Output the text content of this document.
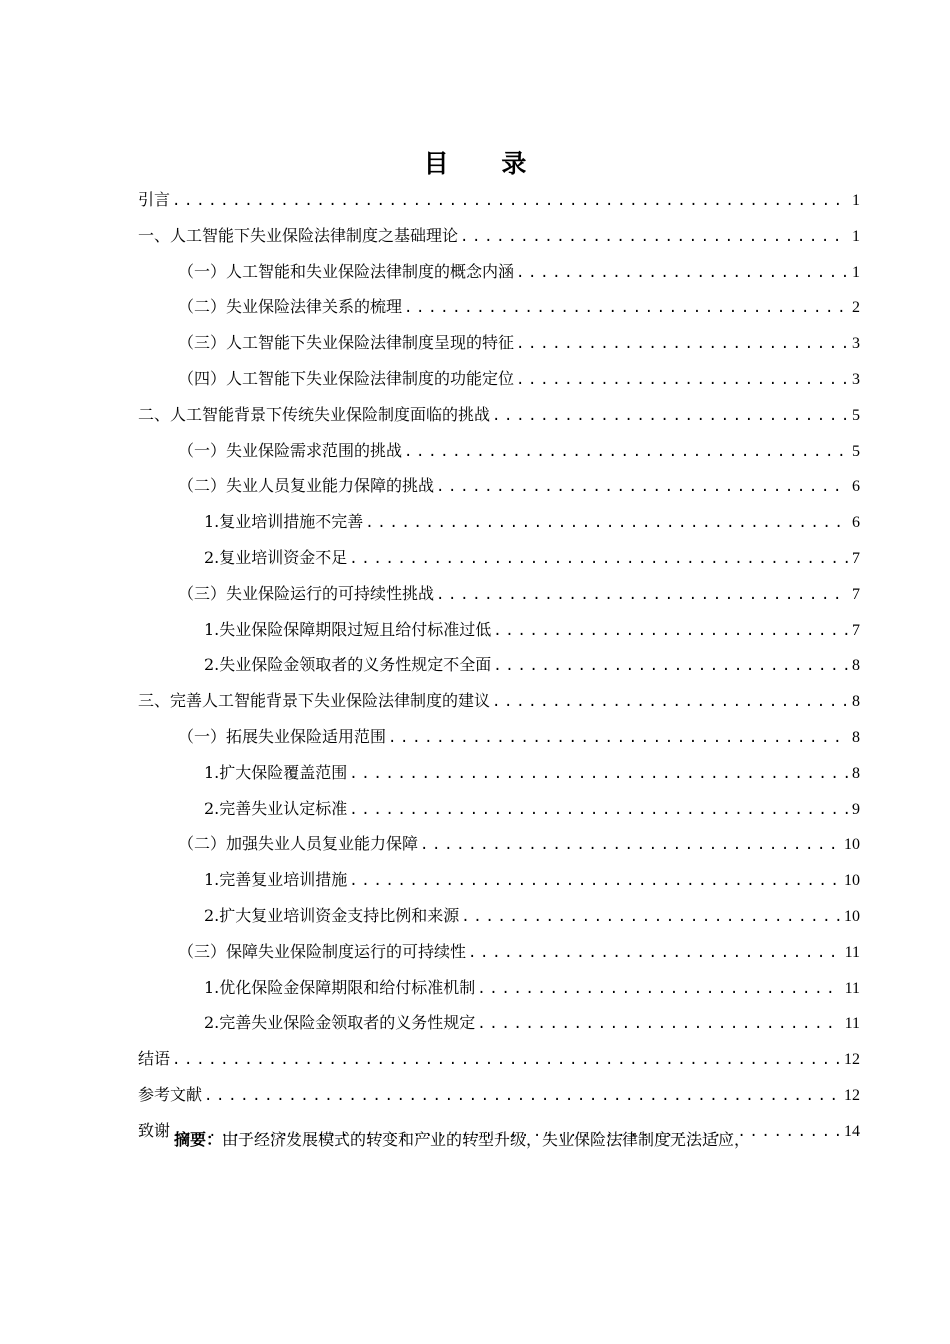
目 录
引言 .....	1
一、 人工智能下失业保险法律制度之基础理论 .....	1
（一） 人工智能和失业保险法律制度的概念内涵 .....	1
（二） 失业保险法律关系的梳理 .....	2
（三） 人工智能下失业保险法律制度呈现的特征 .....	3
（四） 人工智能下失业保险法律制度的功能定位 .....	3
二、 人工智能背景下传统失业保险制度面临的挑战 .....	5
（一） 失业保险需求范围的挑战 .....	5
（二） 失业人员复业能力保障的挑战 .....	6
1. 复业培训措施不完善 .....	6
2. 复业培训资金不足 .....	7
（三） 失业保险运行的可持续性挑战 .....	7
1. 失业保险保障期限过短且给付标准过低 .....	7
2. 失业保险金领取者的义务性规定不全面 .....	8
三、 完善人工智能背景下失业保险法律制度的建议 .....	8
（一） 拓展失业保险适用范围 .....	8
1. 扩大保险覆盖范围 .....	8
2. 完善失业认定标准 .....	9
（二） 加强失业人员复业能力保障 .....	10
1. 完善复业培训措施 .....	10
2. 扩大复业培训资金支持比例和来源 .....	10
（三） 保障失业保险制度运行的可持续性 .....	11
1. 优化保险金保障期限和给付标准机制 .....	11
2. 完善失业保险金领取者的义务性规定 .....	11
结语 .....	12
参考文献 .....	12
致谢 .....	14
摘要：由于经济发展模式的转变和产业的转型升级，失业保险法律制度无法适应，
